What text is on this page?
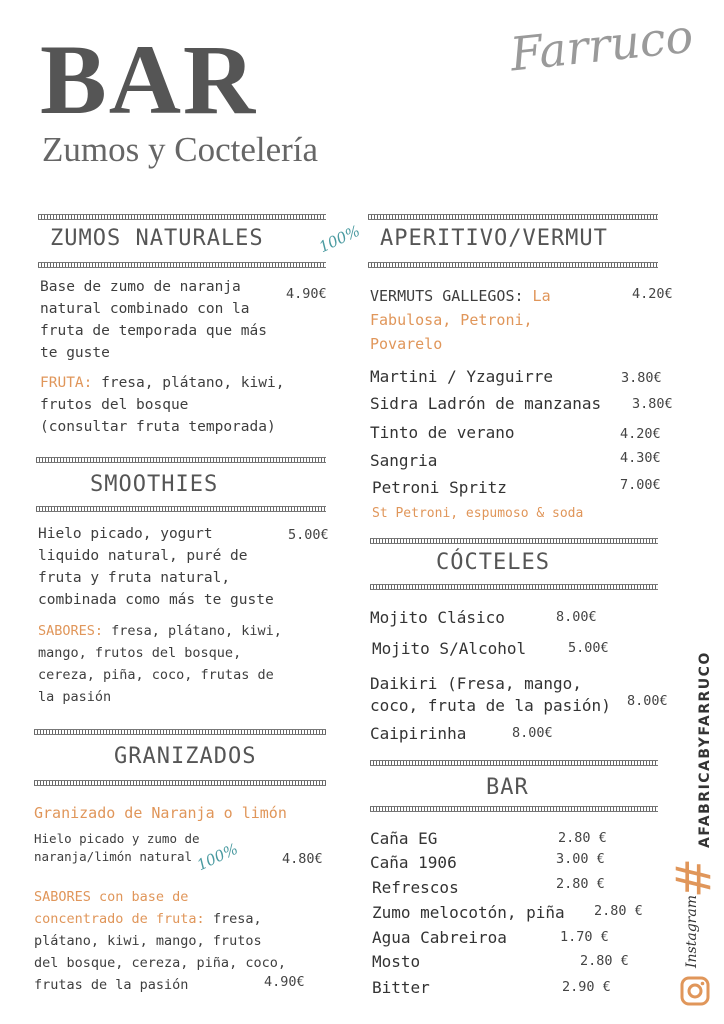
BAR
Zumos y Coctelería
Farruco
ZUMOS NATURALES	100%
Base de zumo de naranja
natural combinado con la
fruta de temporada que más
te guste
4.90€
FRUTA: fresa, plátano, kiwi,
frutos del bosque
(consultar fruta temporada)
SMOOTHIES
Hielo picado, yogurt
liquido natural, puré de
fruta y fruta natural,
combinada como más te guste
5.00€
SABORES: fresa, plátano, kiwi,
mango, frutos del bosque,
cereza, piña, coco, frutas de
la pasión
GRANIZADOS
Granizado de Naranja o limón
Hielo picado y zumo de
naranja/limón natural 100%	4.80€
SABORES con base de
concentrado de fruta: fresa,
plátano, kiwi, mango, frutos
del bosque, cereza, piña, coco,
frutas de la pasión	4.90€
APERITIVO/VERMUT
VERMUTS GALLEGOS: La
Fabulosa, Petroni,
Povarelo
4.20€
Martini / Yzaguirre	3.80€
Sidra Ladrón de manzanas 3.80€
Tinto de verano	4.20€
Sangria	4.30€
Petroni Spritz	7.00€
St Petroni, espumoso & soda
CÓCTELES
Mojito Clásico	8.00€
Mojito S/Alcohol	5.00€
Daikiri (Fresa, mango,
coco, fruta de la pasión) 8.00€
Caipirinha	8.00€
BAR
Caña EG	2.80 €
Caña 1906	3.00 €
Refrescos	2.80 €
Zumo melocotón, piña 2.80 €
Agua Cabreiroa	1.70 €
Mosto	2.80 €
Bitter	2.90 €
AFABRICABYFARRUCO
#
Instagram
